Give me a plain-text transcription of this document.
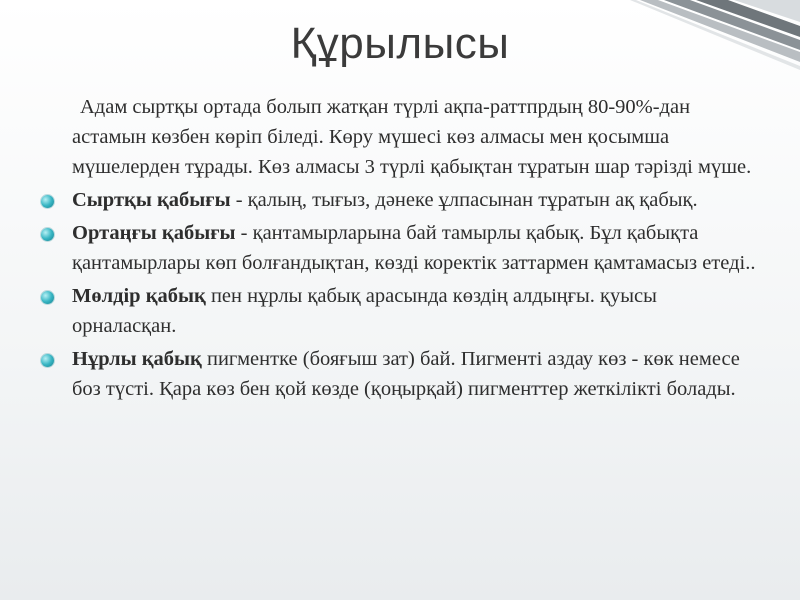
Құрылысы

Адам сыртқы ортада болып жатқан түрлі ақпа-раттпрдың 80-90%-дан астамын көзбен көріп біледі. Көру мүшесі көз алмасы мен қосымша мүшелерден тұрады. Көз алмасы 3 түрлі қабықтан тұратын шар тәрізді мүше.

Сыртқы қабығы - қалың, тығыз, дәнеке ұлпасынан тұратын ақ қабық.

Ортаңғы қабығы - қантамырларына бай тамырлы қабық. Бұл қабықта қантамырлары көп болғандықтан, көзді коректік заттармен қамтамасыз етеді..

Мөлдір қабық пен нұрлы қабық арасында көздің алдыңғы. қуысы орналасқан.

Нұрлы қабық пигментке (бояғыш зат) бай. Пигменті аздау көз - көк немесе боз түсті. Қара көз бен қой көзде (қоңырқай) пигменттер жеткілікті болады.
